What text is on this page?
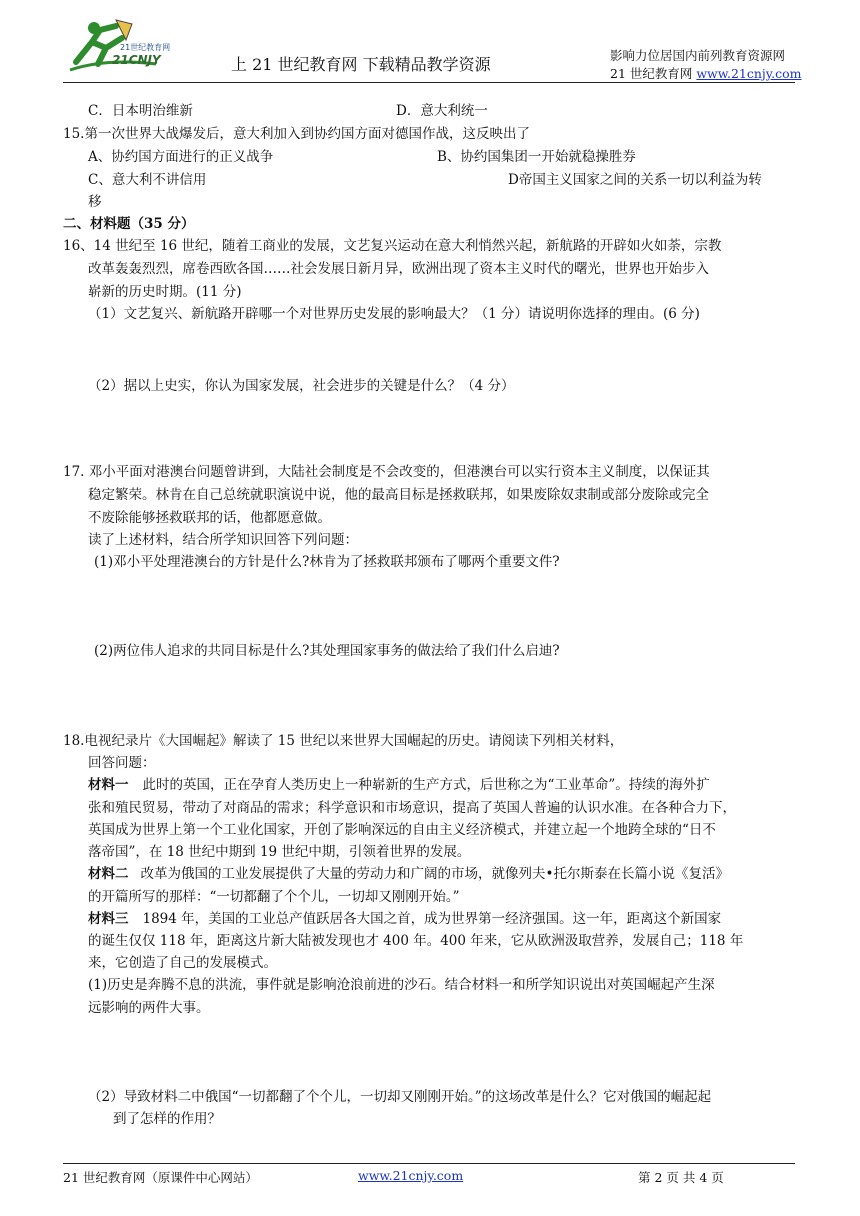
21世纪教育网
21CNJY	上 21 世纪教育网 下载精品教学资源	影响力位居国内前列教育资源网
21 世纪教育网 www.21cnjy.com
C．日本明治维新	D．意大利统一
15.第一次世界大战爆发后，意大利加入到协约国方面对德国作战，这反映出了
A、协约国方面进行的正义战争	B、协约国集团一开始就稳操胜券
C、意大利不讲信用	D帝国主义国家之间的关系一切以利益为转
移
二、材料题（35 分）
16、14 世纪至 16 世纪，随着工商业的发展，文艺复兴运动在意大利悄然兴起，新航路的开辟如火如荼，宗教
改革轰轰烈烈，席卷西欧各国……社会发展日新月异，欧洲出现了资本主义时代的曙光，世界也开始步入
崭新的历史时期。(11 分)
（1）文艺复兴、新航路开辟哪一个对世界历史发展的影响最大？（1 分）请说明你选择的理由。(6 分)
（2）据以上史实，你认为国家发展，社会进步的关键是什么？（4 分）
17. 邓小平面对港澳台问题曾讲到，大陆社会制度是不会改变的，但港澳台可以实行资本主义制度，以保证其
稳定繁荣。林肯在自己总统就职演说中说，他的最高目标是拯救联邦，如果废除奴隶制或部分废除或完全
不废除能够拯救联邦的话，他都愿意做。
读了上述材料，结合所学知识回答下列问题：
(1)邓小平处理港澳台的方针是什么?林肯为了拯救联邦颁布了哪两个重要文件?
(2)两位伟人追求的共同目标是什么?其处理国家事务的做法给了我们什么启迪?
18.电视纪录片《大国崛起》解读了 15 世纪以来世界大国崛起的历史。请阅读下列相关材料，
回答问题：
材料一 此时的英国，正在孕育人类历史上一种崭新的生产方式，后世称之为“工业革命”。持续的海外扩
张和殖民贸易，带动了对商品的需求；科学意识和市场意识，提高了英国人普遍的认识水准。在各种合力下，
英国成为世界上第一个工业化国家，开创了影响深远的自由主义经济模式，并建立起一个地跨全球的“日不
落帝国”，在 18 世纪中期到 19 世纪中期，引领着世界的发展。
材料二 改革为俄国的工业发展提供了大量的劳动力和广阔的市场，就像列夫•托尔斯泰在长篇小说《复活》
的开篇所写的那样：“一切都翻了个个儿，一切却又刚刚开始。”
材料三 1894 年，美国的工业总产值跃居各大国之首，成为世界第一经济强国。这一年，距离这个新国家
的诞生仅仅 118 年，距离这片新大陆被发现也才 400 年。400 年来，它从欧洲汲取营养，发展自己；118 年
来，它创造了自己的发展模式。
(1)历史是奔腾不息的洪流，事件就是影响沧浪前进的沙石。结合材料一和所学知识说出对英国崛起产生深
远影响的两件大事。
（2）导致材料二中俄国“一切都翻了个个儿，一切却又刚刚开始。”的这场改革是什么？它对俄国的崛起起
到了怎样的作用？
21 世纪教育网（原课件中心网站）	www.21cnjy.com	第 2 页 共 4 页
